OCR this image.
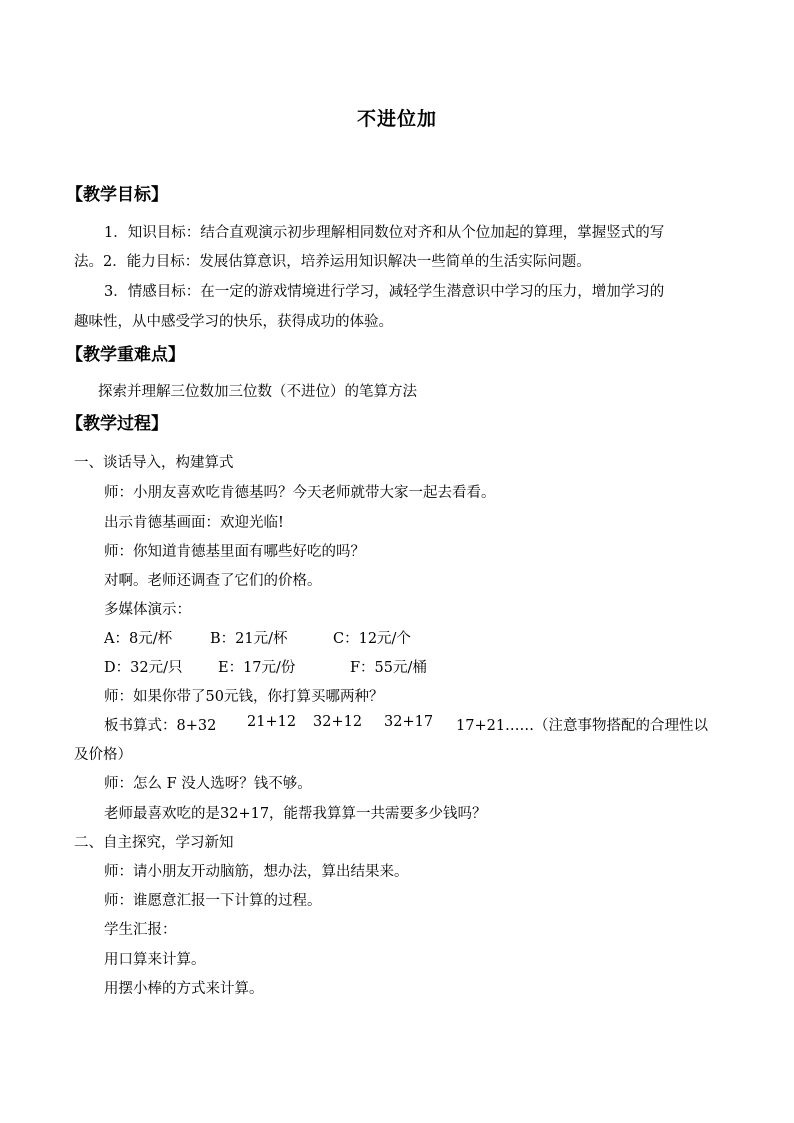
不进位加
【教学目标】
1．知识目标：结合直观演示初步理解相同数位对齐和从个位加起的算理，掌握竖式的写
法。2．能力目标：发展估算意识，培养运用知识解决一些简单的生活实际问题。
3．情感目标：在一定的游戏情境进行学习，减轻学生潜意识中学习的压力，增加学习的
趣味性，从中感受学习的快乐，获得成功的体验。
【教学重难点】
探索并理解三位数加三位数（不进位）的笔算方法
【教学过程】
一、谈话导入，构建算式
师：小朋友喜欢吃肯德基吗？今天老师就带大家一起去看看。
出示肯德基画面：欢迎光临!
师：你知道肯德基里面有哪些好吃的吗？
对啊。老师还调查了它们的价格。
多媒体演示：
A：8元/杯	B：21元/杯	C：12元/个
D：32元/只 E：17元/份	F：55元/桶
师：如果你带了50元钱，你打算买哪两种？
板书算式：8+32 21+12 32+12 32+17 17+21……（注意事物搭配的合理性以
及价格）
师：怎么 F 没人选呀？钱不够。
老师最喜欢吃的是32+17，能帮我算算一共需要多少钱吗？
二、自主探究，学习新知
师：请小朋友开动脑筋，想办法，算出结果来。
师：谁愿意汇报一下计算的过程。
学生汇报：
用口算来计算。
用摆小棒的方式来计算。
